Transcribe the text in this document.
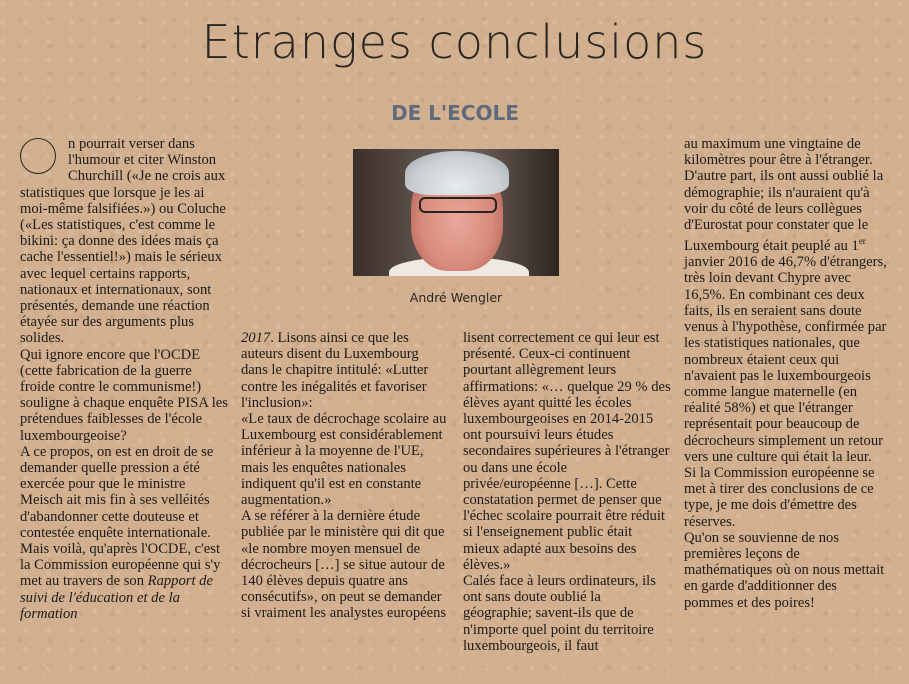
Etranges conclusions
DE L'ECOLE
André Wengler

n pourrait verser dans l'humour et citer Winston Churchill («Je ne crois aux statistiques que lorsque je les ai moi-même falsifiées.») ou Coluche («Les statistiques, c'est comme le bikini: ça donne des idées mais ça cache l'essentiel!») mais le sérieux avec lequel certains rapports, nationaux et internationaux, sont présentés, demande une réaction étayée sur des arguments plus solides.

Qui ignore encore que l'OCDE (cette fabrication de la guerre froide contre le communisme!) souligne à chaque enquête PISA les prétendues faiblesses de l'école luxembourgeoise?

A ce propos, on est en droit de se demander quelle pression a été exercée pour que le ministre Meisch ait mis fin à ses velléités d'abandonner cette douteuse et contestée enquête internationale.

Mais voilà, qu'après l'OCDE, c'est la Commission européenne qui s'y met au travers de son Rapport de suivi de l'éducation et de la formation

2017. Lisons ainsi ce que les auteurs disent du Luxembourg dans le chapitre intitulé: «Lutter contre les inégalités et favoriser l'inclusion»:

«Le taux de décrochage scolaire au Luxembourg est considérablement inférieur à la moyenne de l'UE, mais les enquêtes nationales indiquent qu'il est en constante augmentation.»

A se référer à la dernière étude publiée par le ministère qui dit que «le nombre moyen mensuel de décrocheurs […] se situe autour de 140 élèves depuis quatre ans consécutifs», on peut se demander si vraiment les analystes européens

lisent correctement ce qui leur est présenté. Ceux-ci continuent pourtant allègrement leurs affirmations: «… quelque 29 % des élèves ayant quitté les écoles luxembourgeoises en 2014-2015 ont poursuivi leurs études secondaires supérieures à l'étranger ou dans une école privée/européenne […]. Cette constatation permet de penser que l'échec scolaire pourrait être réduit si l'enseignement public était mieux adapté aux besoins des élèves.»

Calés face à leurs ordinateurs, ils ont sans doute oublié la géographie; savent-ils que de n'importe quel point du territoire luxembourgeois, il faut

au maximum une vingtaine de kilomètres pour être à l'étranger. D'autre part, ils ont aussi oublié la démographie; ils n'auraient qu'à voir du côté de leurs collègues d'Eurostat pour constater que le Luxembourg était peuplé au 1er janvier 2016 de 46,7% d'étrangers, très loin devant Chypre avec 16,5%. En combinant ces deux faits, ils en seraient sans doute venus à l'hypothèse, confirmée par les statistiques nationales, que nombreux étaient ceux qui n'avaient pas le luxembourgeois comme langue maternelle (en réalité 58%) et que l'étranger représentait pour beaucoup de décrocheurs simplement un retour vers une culture qui était la leur.

Si la Commission européenne se met à tirer des conclusions de ce type, je me dois d'émettre des réserves.

Qu'on se souvienne de nos premières leçons de mathématiques où on nous mettait en garde d'additionner des pommes et des poires!
